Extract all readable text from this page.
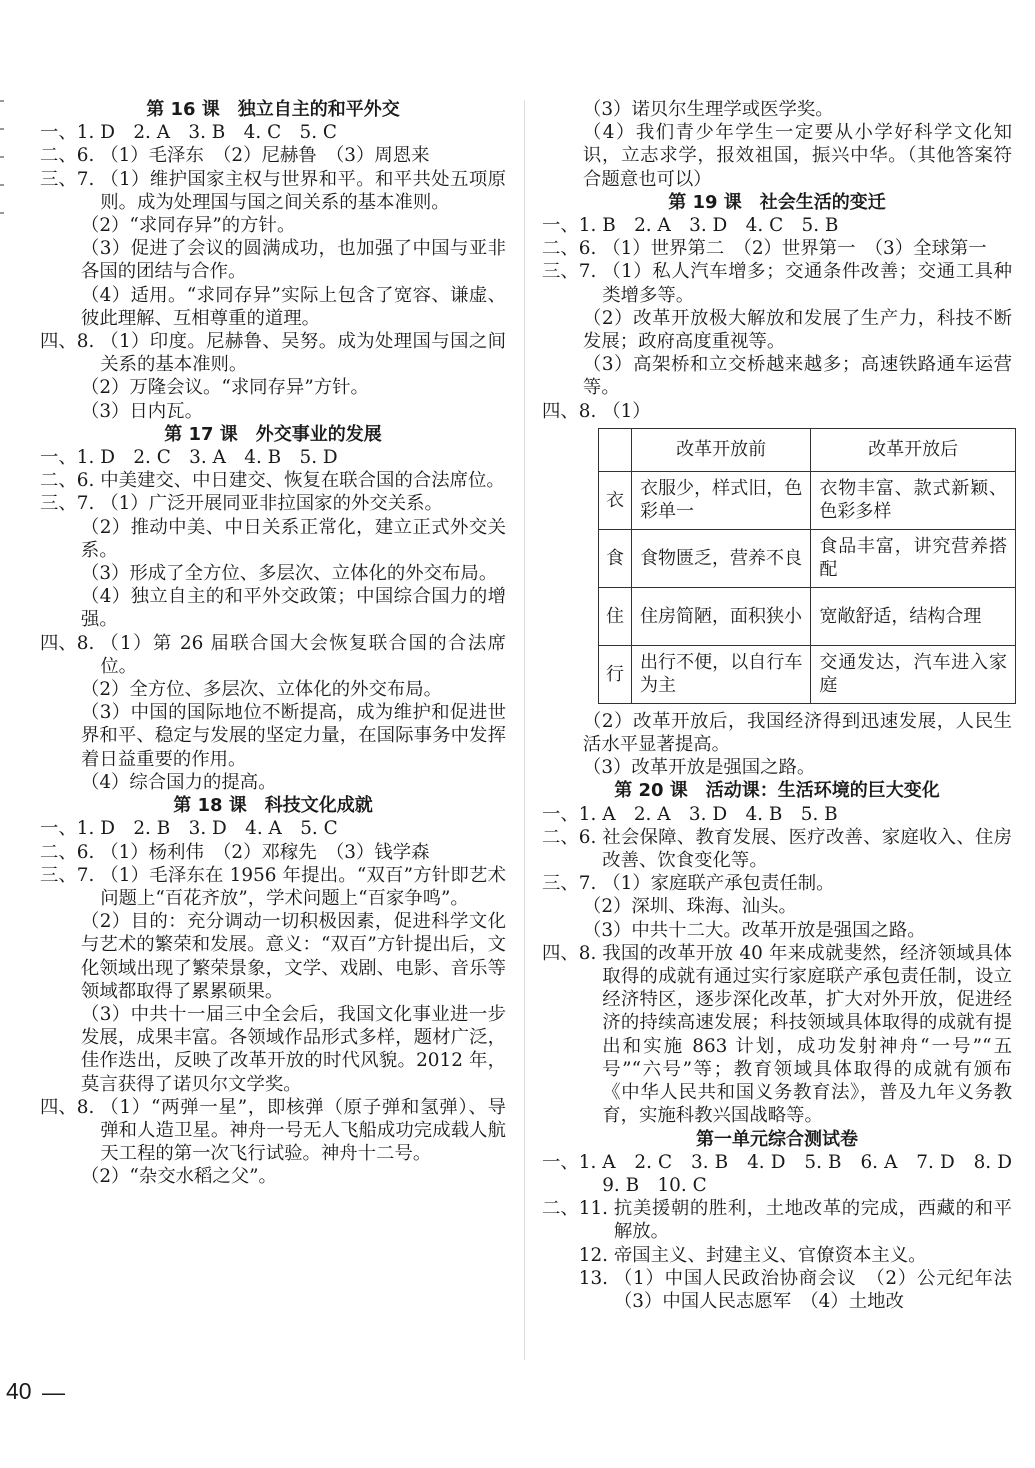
第 16 课　独立自主的和平外交
一、1. D　2. A　3. B　4. C　5. C
二、6. （1）毛泽东　（2）尼赫鲁　（3）周恩来
三、7. （1）维护国家主权与世界和平。和平共处五项原则。成为处理国与国之间关系的基本准则。

（2）“求同存异”的方针。

（3）促进了会议的圆满成功，也加强了中国与亚非各国的团结与合作。

（4）适用。“求同存异”实际上包含了宽容、谦虚、彼此理解、互相尊重的道理。
四、8. （1）印度。尼赫鲁、吴努。成为处理国与国之间关系的基本准则。

（2）万隆会议。“求同存异”方针。

（3）日内瓦。
第 17 课　外交事业的发展
一、1. D　2. C　3. A　4. B　5. D
二、6. 中美建交、中日建交、恢复在联合国的合法席位。
三、7. （1）广泛开展同亚非拉国家的外交关系。

（2）推动中美、中日关系正常化，建立正式外交关系。

（3）形成了全方位、多层次、立体化的外交布局。

（4）独立自主的和平外交政策；中国综合国力的增强。
四、8. （1）第 26 届联合国大会恢复联合国的合法席位。

（2）全方位、多层次、立体化的外交布局。

（3）中国的国际地位不断提高，成为维护和促进世界和平、稳定与发展的坚定力量，在国际事务中发挥着日益重要的作用。

（4）综合国力的提高。
第 18 课　科技文化成就
一、1. D　2. B　3. D　4. A　5. C
二、6. （1）杨利伟　（2）邓稼先　（3）钱学森
三、7. （1）毛泽东在 1956 年提出。“双百”方针即艺术问题上“百花齐放”，学术问题上“百家争鸣”。

（2）目的：充分调动一切积极因素，促进科学文化与艺术的繁荣和发展。意义：“双百”方针提出后，文化领域出现了繁荣景象，文学、戏剧、电影、音乐等领域都取得了累累硕果。

（3）中共十一届三中全会后，我国文化事业进一步发展，成果丰富。各领域作品形式多样，题材广泛，佳作迭出，反映了改革开放的时代风貌。2012 年，莫言获得了诺贝尔文学奖。
四、8. （1）“两弹一星”，即核弹（原子弹和氢弹）、导弹和人造卫星。神舟一号无人飞船成功完成载人航天工程的第一次飞行试验。神舟十二号。

（2）“杂交水稻之父”。

（3）诺贝尔生理学或医学奖。

（4）我们青少年学生一定要从小学好科学文化知识，立志求学，报效祖国，振兴中华。（其他答案符合题意也可以）
第 19 课　社会生活的变迁
一、1. B　2. A　3. D　4. C　5. B
二、6. （1）世界第二　（2）世界第一　（3）全球第一
三、7. （1）私人汽车增多；交通条件改善；交通工具种类增多等。

（2）改革开放极大解放和发展了生产力，科技不断发展；政府高度重视等。

（3）高架桥和立交桥越来越多；高速铁路通车运营等。
四、8. （1）
	改革开放前	改革开放后
衣	衣服少，样式旧，色彩单一	衣物丰富、款式新颖、色彩多样
食	食物匮乏，营养不良	食品丰富，讲究营养搭配
住	住房简陋，面积狭小	宽敞舒适，结构合理
行	出行不便，以自行车为主	交通发达，汽车进入家庭

（2）改革开放后，我国经济得到迅速发展，人民生活水平显著提高。

（3）改革开放是强国之路。
第 20 课　活动课：生活环境的巨大变化
一、1. A　2. A　3. D　4. B　5. B
二、6. 社会保障、教育发展、医疗改善、家庭收入、住房改善、饮食变化等。
三、7. （1）家庭联产承包责任制。

（2）深圳、珠海、汕头。

（3）中共十二大。改革开放是强国之路。
四、8. 我国的改革开放 40 年来成就斐然，经济领域具体取得的成就有通过实行家庭联产承包责任制，设立经济特区，逐步深化改革，扩大对外开放，促进经济的持续高速发展；科技领域具体取得的成就有提出和实施 863 计划，成功发射神舟“一号”“五号”“六号”等；教育领域具体取得的成就有颁布《中华人民共和国义务教育法》，普及九年义务教育，实施科教兴国战略等。
第一单元综合测试卷
一、1. A　2. C　3. B　4. D　5. B　6. A　7. D　8. D　9. B　10. C
二、11. 抗美援朝的胜利，土地改革的完成，西藏的和平解放。
　　12. 帝国主义、封建主义、官僚资本主义。
　　13. （1）中国人民政治协商会议　（2）公元纪年法　（3）中国人民志愿军　（4）土地改
40 —
